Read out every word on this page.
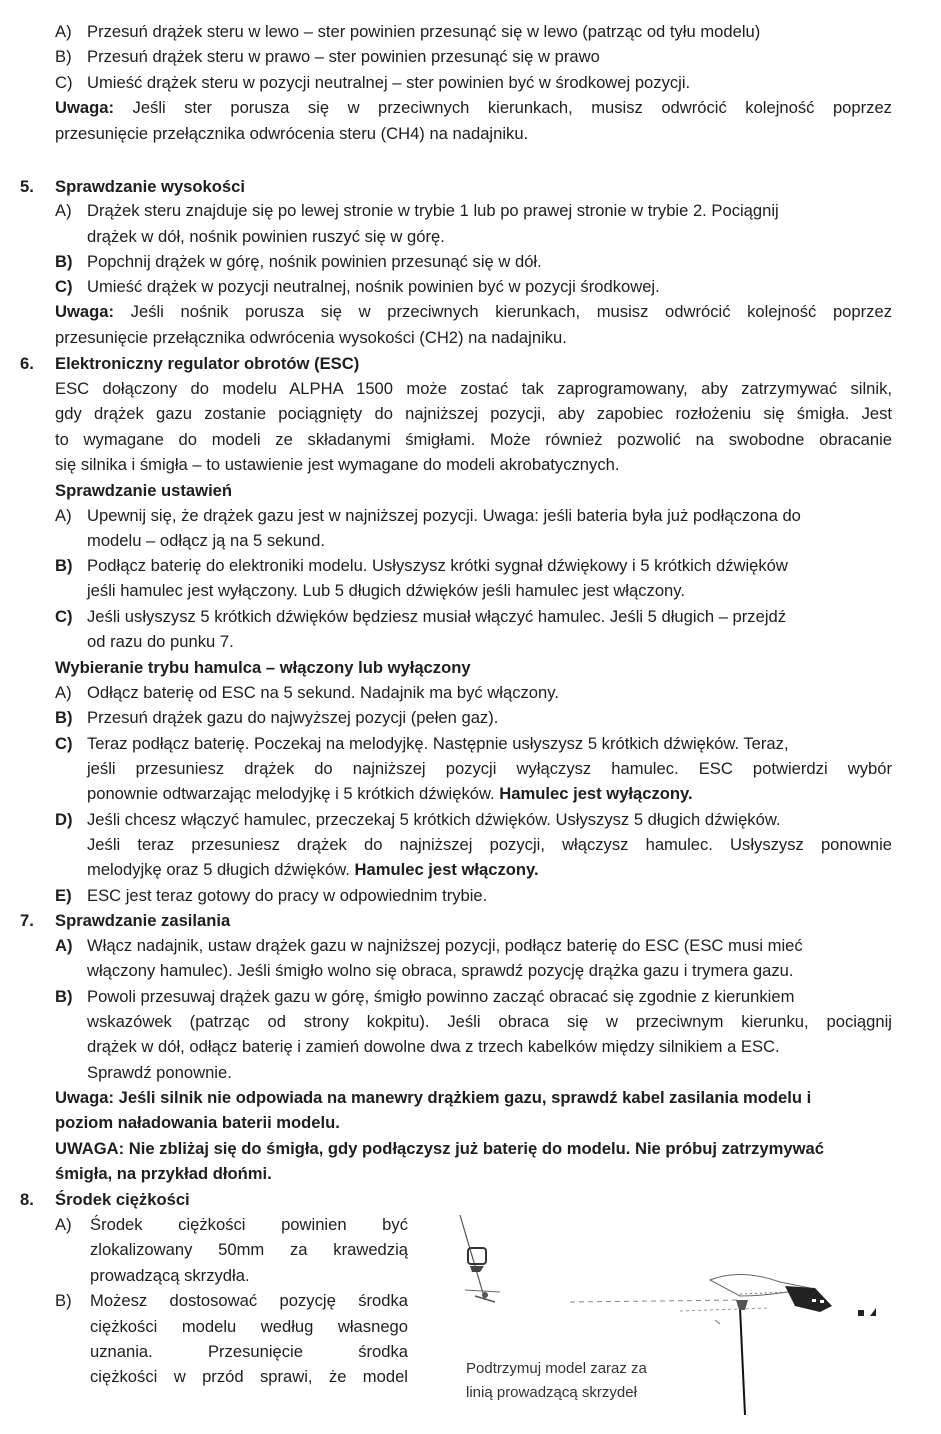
A) Przesuń drążek steru w lewo – ster powinien przesunąć się w lewo (patrząc od tyłu modelu)
B) Przesuń drążek steru w prawo – ster powinien przesunąć się w prawo
C) Umieść drążek steru w pozycji neutralnej – ster powinien być w środkowej pozycji.
Uwaga: Jeśli ster porusza się w przeciwnych kierunkach, musisz odwrócić kolejność poprzez
przesunięcie przełącznika odwrócenia steru (CH4) na nadajniku.
5. Sprawdzanie wysokości
A) Drążek steru znajduje się po lewej stronie w trybie 1 lub po prawej stronie w trybie 2. Pociągnij
drążek w dół, nośnik powinien ruszyć się w górę.
B) Popchnij drążek w górę, nośnik powinien przesunąć się w dół.
C) Umieść drążek w pozycji neutralnej, nośnik powinien być w pozycji środkowej.
Uwaga: Jeśli nośnik porusza się w przeciwnych kierunkach, musisz odwrócić kolejność poprzez
przesunięcie przełącznika odwrócenia wysokości (CH2) na nadajniku.
6. Elektroniczny regulator obrotów (ESC)
ESC dołączony do modelu ALPHA 1500 może zostać tak zaprogramowany, aby zatrzymywać silnik,
gdy drążek gazu zostanie pociągnięty do najniższej pozycji, aby zapobiec rozłożeniu się śmigła. Jest
to wymagane do modeli ze składanymi śmigłami. Może również pozwolić na swobodne obracanie
się silnika i śmigła – to ustawienie jest wymagane do modeli akrobatycznych.
Sprawdzanie ustawień
A) Upewnij się, że drążek gazu jest w najniższej pozycji. Uwaga: jeśli bateria była już podłączona do
modelu – odłącz ją na 5 sekund.
B) Podłącz baterię do elektroniki modelu. Usłyszysz krótki sygnał dźwiękowy i 5 krótkich dźwięków
jeśli hamulec jest wyłączony. Lub 5 długich dźwięków jeśli hamulec jest włączony.
C) Jeśli usłyszysz 5 krótkich dźwięków będziesz musiał włączyć hamulec. Jeśli 5 długich – przejdź
od razu do punku 7.
Wybieranie trybu hamulca – włączony lub wyłączony
A) Odłącz baterię od ESC na 5 sekund. Nadajnik ma być włączony.
B) Przesuń drążek gazu do najwyższej pozycji (pełen gaz).
C) Teraz podłącz baterię. Poczekaj na melodyjkę. Następnie usłyszysz 5 krótkich dźwięków. Teraz,
jeśli przesuniesz drążek do najniższej pozycji wyłączysz hamulec. ESC potwierdzi wybór
ponownie odtwarzając melodyjkę i 5 krótkich dźwięków. Hamulec jest wyłączony.
D) Jeśli chcesz włączyć hamulec, przeczekaj 5 krótkich dźwięków. Usłyszysz 5 długich dźwięków.
Jeśli teraz przesuniesz drążek do najniższej pozycji, włączysz hamulec. Usłyszysz ponownie
melodyjkę oraz 5 długich dźwięków. Hamulec jest włączony.
E) ESC jest teraz gotowy do pracy w odpowiednim trybie.
7. Sprawdzanie zasilania
A) Włącz nadajnik, ustaw drążek gazu w najniższej pozycji, podłącz baterię do ESC (ESC musi mieć
włączony hamulec). Jeśli śmigło wolno się obraca, sprawdź pozycję drążka gazu i trymera gazu.
B) Powoli przesuwaj drążek gazu w górę, śmigło powinno zacząć obracać się zgodnie z kierunkiem
wskazówek (patrząc od strony kokpitu). Jeśli obraca się w przeciwnym kierunku, pociągnij
drążek w dół, odłącz baterię i zamień dowolne dwa z trzech kabelków między silnikiem a ESC.
Sprawdź ponownie.
Uwaga: Jeśli silnik nie odpowiada na manewry drążkiem gazu, sprawdź kabel zasilania modelu i
poziom naładowania baterii modelu.
UWAGA: Nie zbliżaj się do śmigła, gdy podłączysz już baterię do modelu. Nie próbuj zatrzymywać
śmigła, na przykład dłońmi.
8. Środek ciężkości
A) Środek ciężkości powinien być
zlokalizowany 50mm za krawedzią
prowadzącą skrzydła.
B) Możesz dostosować pozycję środka
ciężkości modelu według własnego
uznania. Przesunięcie środka
ciężkości w przód sprawi, że model	Podtrzymuj model zaraz za
linią prowadzącą skrzydeł
